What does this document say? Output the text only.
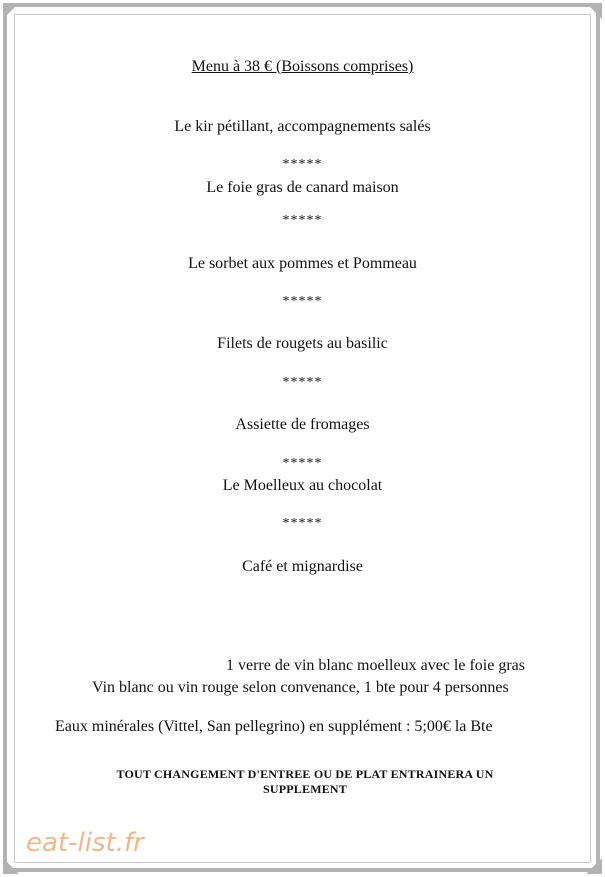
Menu à 38 € (Boissons comprises)
Le kir pétillant, accompagnements salés
*****
Le foie gras de canard maison
*****
Le sorbet aux pommes et Pommeau
*****
Filets de rougets au basilic
*****
Assiette de fromages
*****
Le Moelleux au chocolat
*****
Café et mignardise
1 verre de vin blanc moelleux avec le foie gras
Vin blanc ou vin rouge selon convenance, 1 bte pour 4 personnes
Eaux minérales (Vittel, San pellegrino) en supplément : 5;00€ la Bte
TOUT CHANGEMENT D'ENTREE OU DE PLAT ENTRAINERA UN
SUPPLEMENT
eat-list.fr
